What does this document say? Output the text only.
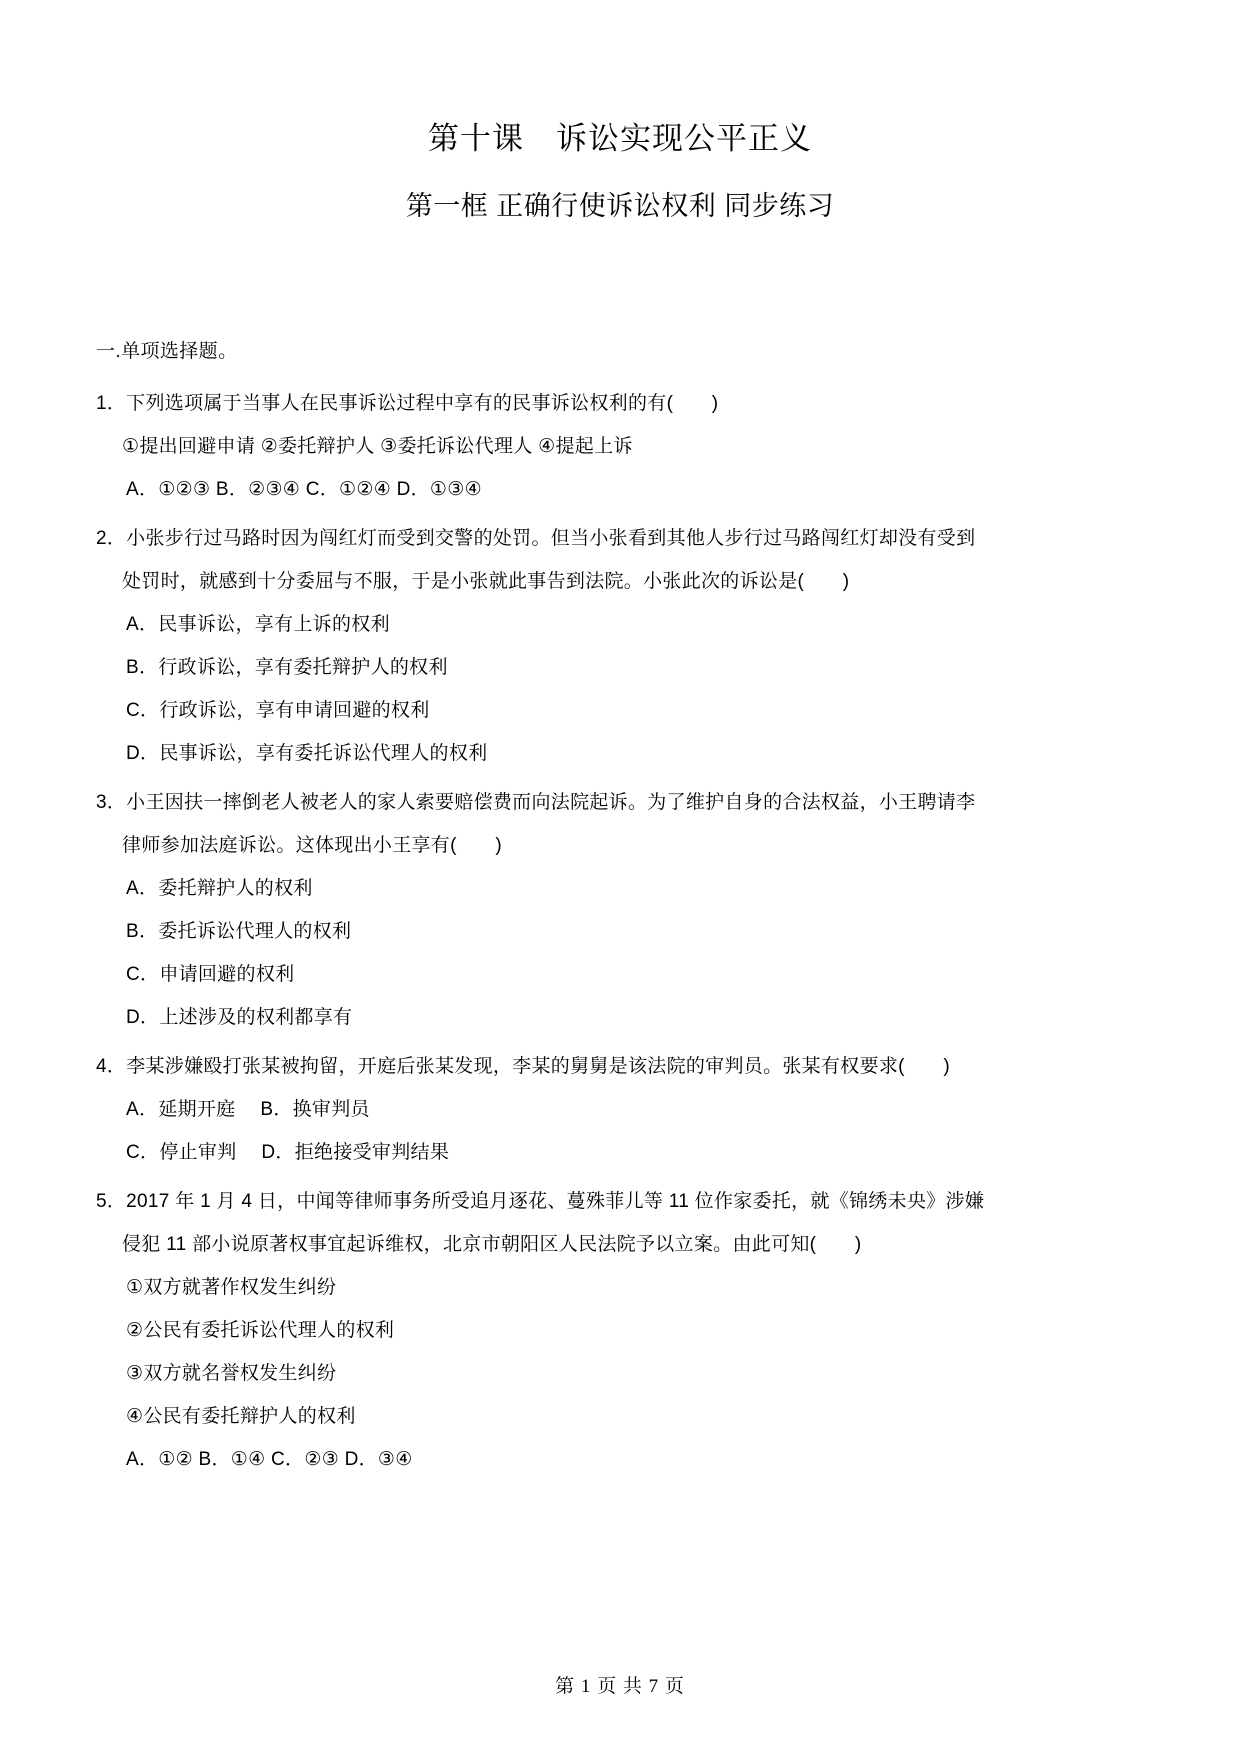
第十课　诉讼实现公平正义
第一框 正确行使诉讼权利 同步练习
一.单项选择题。
1．下列选项属于当事人在民事诉讼过程中享有的民事诉讼权利的有(　　)
①提出回避申请 ②委托辩护人 ③委托诉讼代理人 ④提起上诉
A．①②③ B．②③④ C．①②④ D．①③④
2．小张步行过马路时因为闯红灯而受到交警的处罚。但当小张看到其他人步行过马路闯红灯却没有受到
处罚时，就感到十分委屈与不服，于是小张就此事告到法院。小张此次的诉讼是(　　)
A．民事诉讼，享有上诉的权利
B．行政诉讼，享有委托辩护人的权利
C．行政诉讼，享有申请回避的权利
D．民事诉讼，享有委托诉讼代理人的权利
3．小王因扶一摔倒老人被老人的家人索要赔偿费而向法院起诉。为了维护自身的合法权益，小王聘请李
律师参加法庭诉讼。这体现出小王享有(　　)
A．委托辩护人的权利
B．委托诉讼代理人的权利
C．申请回避的权利
D．上述涉及的权利都享有
4．李某涉嫌殴打张某被拘留，开庭后张某发现，李某的舅舅是该法院的审判员。张某有权要求(　　)
A．延期开庭　 B．换审判员
C．停止审判　 D．拒绝接受审判结果
5．2017 年 1 月 4 日，中闻等律师事务所受追月逐花、蔓殊菲儿等 11 位作家委托，就《锦绣未央》涉嫌
侵犯 11 部小说原著权事宜起诉维权，北京市朝阳区人民法院予以立案。由此可知(　　)
①双方就著作权发生纠纷
②公民有委托诉讼代理人的权利
③双方就名誉权发生纠纷
④公民有委托辩护人的权利
A．①② B．①④ C．②③ D．③④
第 1 页 共 7 页
